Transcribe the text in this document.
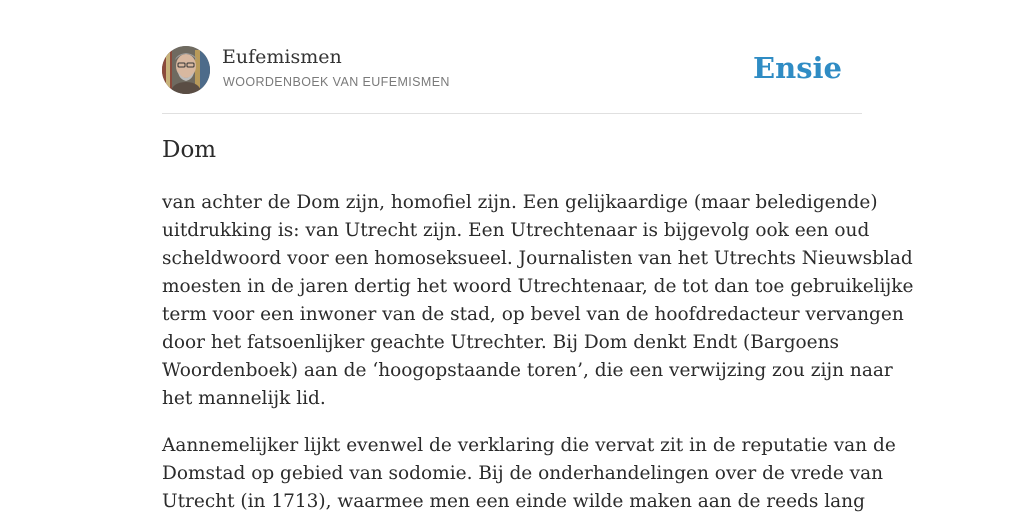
Eufemismen
WOORDENBOEK VAN EUFEMISMEN	Ensie
Dom

van achter de Dom zijn, homofiel zijn. Een gelijkaardige (maar beledigende)
uitdrukking is: van Utrecht zijn. Een Utrechtenaar is bijgevolg ook een oud
scheldwoord voor een homoseksueel. Journalisten van het Utrechts Nieuwsblad
moesten in de jaren dertig het woord Utrechtenaar, de tot dan toe gebruikelijke
term voor een inwoner van de stad, op bevel van de hoofdredacteur vervangen
door het fatsoenlijker geachte Utrechter. Bij Dom denkt Endt (Bargoens
Woordenboek) aan de ‘hoogopstaande toren’, die een verwijzing zou zijn naar
het mannelijk lid.

Aannemelijker lijkt evenwel de verklaring die vervat zit in de reputatie van de
Domstad op gebied van sodomie. Bij de onderhandelingen over de vrede van
Utrecht (in 1713), waarmee men een einde wilde maken aan de reeds lang
